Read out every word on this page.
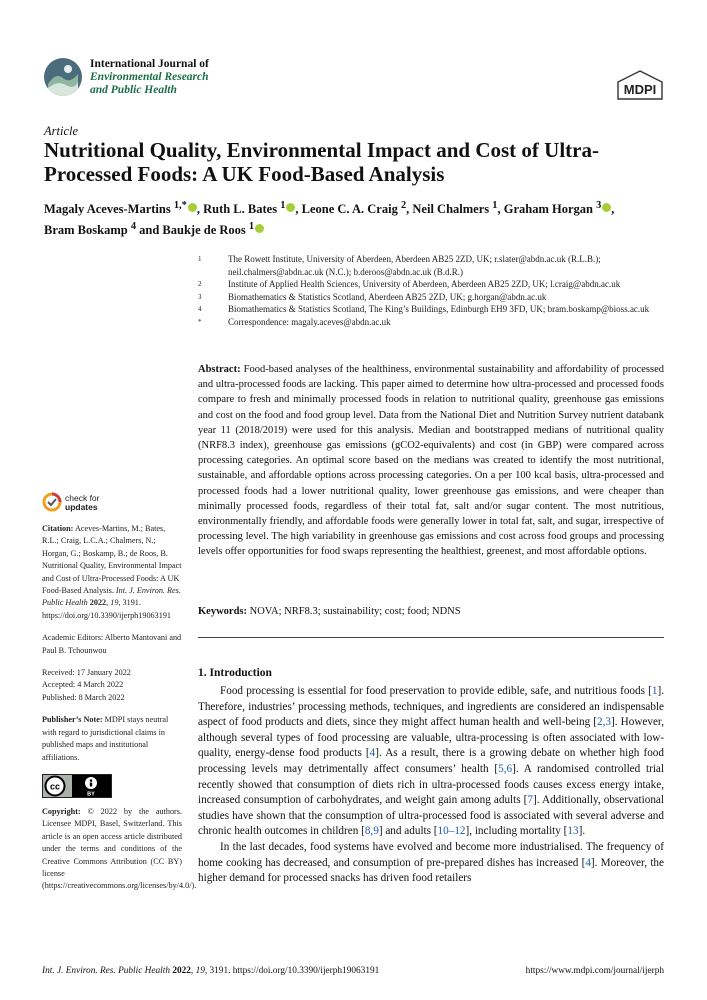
International Journal of
Environmental Research
and Public Health	MDPI
Article
Nutritional Quality, Environmental Impact and Cost of Ultra-Processed Foods: A UK Food-Based Analysis
Magaly Aceves-Martins $^{1,*}$ , Ruth L. Bates $^1$ , Leone C. A. Craig $^2$, Neil Chalmers $^1$, Graham Horgan $^3$ ,
Bram Boskamp $^4$ and Baukje de Roos $^1$
1	The Rowett Institute, University of Aberdeen, Aberdeen AB25 2ZD, UK; r.slater@abdn.ac.uk (R.L.B.); neil.chalmers@abdn.ac.uk (N.C.); b.deroos@abdn.ac.uk (B.d.R.)
2	Institute of Applied Health Sciences, University of Aberdeen, Aberdeen AB25 2ZD, UK; l.craig@abdn.ac.uk
3	Biomathematics & Statistics Scotland, Aberdeen AB25 2ZD, UK; g.horgan@abdn.ac.uk
4	Biomathematics & Statistics Scotland, The King’s Buildings, Edinburgh EH9 3FD, UK; bram.boskamp@bioss.ac.uk
*	Correspondence: magaly.aceves@abdn.ac.uk
Abstract: Food-based analyses of the healthiness, environmental sustainability and affordability of processed and ultra-processed foods are lacking. This paper aimed to determine how ultra-processed and processed foods compare to fresh and minimally processed foods in relation to nutritional quality, greenhouse gas emissions and cost on the food and food group level. Data from the National Diet and Nutrition Survey nutrient databank year 11 (2018/2019) were used for this analysis. Median and bootstrapped medians of nutritional quality (NRF8.3 index), greenhouse gas emissions (gCO2-equivalents) and cost (in GBP) were compared across processing categories. An optimal score based on the medians was created to identify the most nutritional, sustainable, and affordable options across processing categories. On a per 100 kcal basis, ultra-processed and processed foods had a lower nutritional quality, lower greenhouse gas emissions, and were cheaper than minimally processed foods, regardless of their total fat, salt and/or sugar content. The most nutritious, environmentally friendly, and affordable foods were generally lower in total fat, salt, and sugar, irrespective of processing level. The high variability in greenhouse gas emissions and cost across food groups and processing levels offer opportunities for food swaps representing the healthiest, greenest, and most affordable options.
Keywords: NOVA; NRF8.3; sustainability; cost; food; NDNS
check for
updates

Citation: Aceves-Martins, M.; Bates, R.L.; Craig, L.C.A.; Chalmers, N.; Horgan, G.; Boskamp, B.; de Roos, B. Nutritional Quality, Environmental Impact and Cost of Ultra-Processed Foods: A UK Food-Based Analysis. Int. J. Environ. Res. Public Health 2022, 19, 3191. https://doi.org/10.3390/ijerph19063191

Academic Editors: Alberto Mantovani and Paul B. Tchounwou

Received: 17 January 2022
Accepted: 4 March 2022
Published: 8 March 2022

Publisher’s Note: MDPI stays neutral with regard to jurisdictional claims in published maps and institutional affiliations.

cc
BY

Copyright: © 2022 by the authors. Licensee MDPI, Basel, Switzerland. This article is an open access article distributed under the terms and conditions of the Creative Commons Attribution (CC BY) license (https://creativecommons.org/licenses/by/4.0/).

1. Introduction

Food processing is essential for food preservation to provide edible, safe, and nutritious foods [1]. Therefore, industries’ processing methods, techniques, and ingredients are considered an indispensable aspect of food products and diets, since they might affect human health and well-being [2,3]. However, although several types of food processing are valuable, ultra-processing is often associated with low-quality, energy-dense food products [4]. As a result, there is a growing debate on whether high food processing levels may detrimentally affect consumers’ health [5,6]. A randomised controlled trial recently showed that consumption of diets rich in ultra-processed foods causes excess energy intake, increased consumption of carbohydrates, and weight gain among adults [7]. Additionally, observational studies have shown that the consumption of ultra-processed food is associated with several adverse and chronic health outcomes in children [8,9] and adults [10–12], including mortality [13].

In the last decades, food systems have evolved and become more industrialised. The frequency of home cooking has decreased, and consumption of pre-prepared dishes has increased [4]. Moreover, the higher demand for processed snacks has driven food retailers

Int. J. Environ. Res. Public Health 2022, 19, 3191. https://doi.org/10.3390/ijerph19063191	https://www.mdpi.com/journal/ijerph
